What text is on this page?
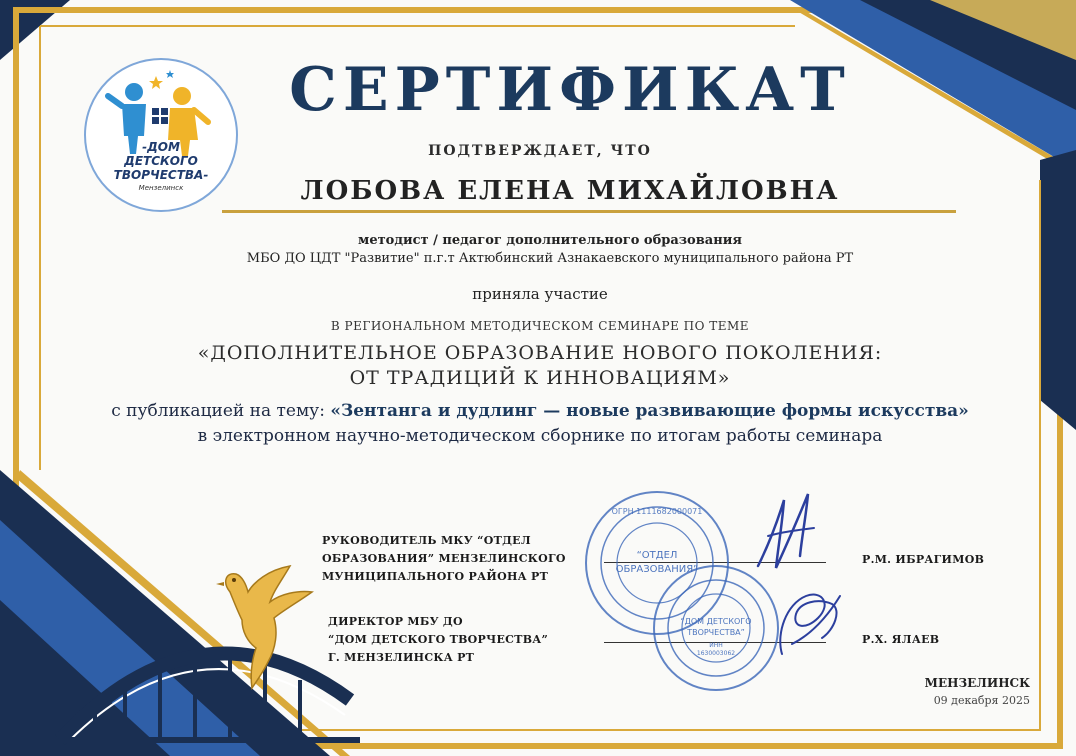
-ДОМ
ДЕТСКОГО
ТВОРЧЕСТВА-
Мензелинск
СЕРТИФИКАТ
ПОДТВЕРЖДАЕТ, ЧТО
ЛОБОВА ЕЛЕНА МИХАЙЛОВНА
методист / педагог дополнительного образования
МБО ДО ЦДТ "Развитие" п.г.т Актюбинский Азнакаевского муниципального района РТ
приняла участие
В РЕГИОНАЛЬНОМ МЕТОДИЧЕСКОМ СЕМИНАРЕ ПО ТЕМЕ
«ДОПОЛНИТЕЛЬНОЕ ОБРАЗОВАНИЕ НОВОГО ПОКОЛЕНИЯ:
ОТ ТРАДИЦИЙ К ИННОВАЦИЯМ»
с публикацией на тему: «Зентанга и дудлинг — новые развивающие формы искусства»
в электронном научно-методическом сборнике по итогам работы семинара
РУКОВОДИТЕЛЬ МКУ “ОТДЕЛ
ОБРАЗОВАНИЯ” МЕНЗЕЛИНСКОГО
МУНИЦИПАЛЬНОГО РАЙОНА РТ
Р.М. ИБРАГИМОВ
ДИРЕКТОР МБУ ДО
“ДОМ ДЕТСКОГО ТВОРЧЕСТВА”
Г. МЕНЗЕЛИНСКА РТ
Р.Х. ЯЛАЕВ
ОГРН 1111682000071
“ОТДЕЛ
ОБРАЗОВАНИЯ”
“ДОМ ДЕТСКОГО
ТВОРЧЕСТВА”
ИНН
1630003062
МЕНЗЕЛИНСК
09 декабря 2025
